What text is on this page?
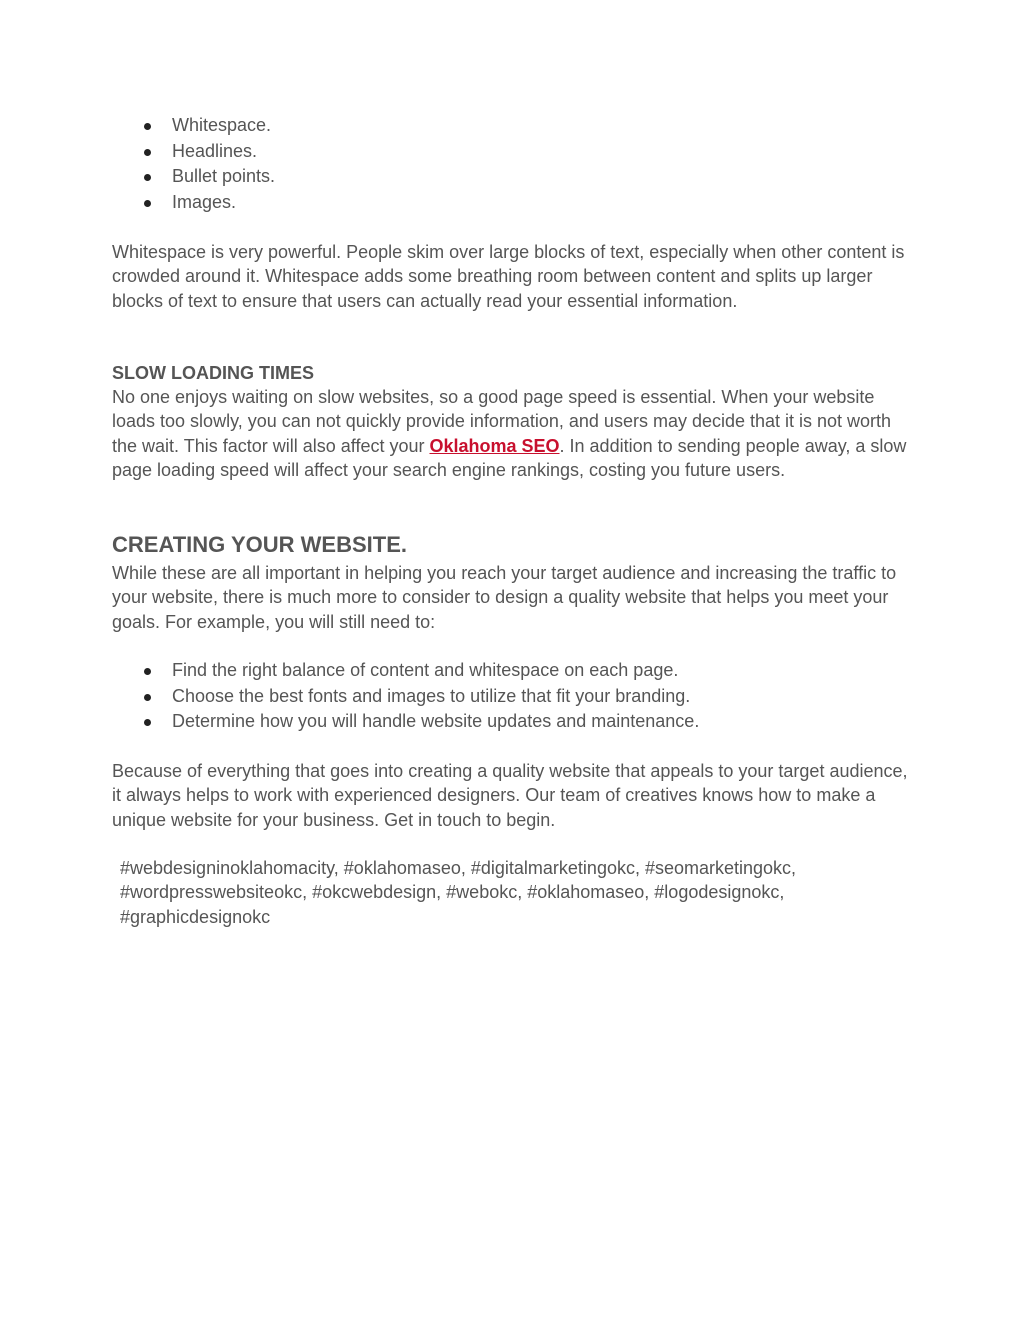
Whitespace.
Headlines.
Bullet points.
Images.

Whitespace is very powerful. People skim over large blocks of text, especially when other content is crowded around it. Whitespace adds some breathing room between content and splits up larger blocks of text to ensure that users can actually read your essential information.

SLOW LOADING TIMES

No one enjoys waiting on slow websites, so a good page speed is essential. When your website loads too slowly, you can not quickly provide information, and users may decide that it is not worth the wait. This factor will also affect your Oklahoma SEO. In addition to sending people away, a slow page loading speed will affect your search engine rankings, costing you future users.

CREATING YOUR WEBSITE.

While these are all important in helping you reach your target audience and increasing the traffic to your website, there is much more to consider to design a quality website that helps you meet your goals. For example, you will still need to:

Find the right balance of content and whitespace on each page.
Choose the best fonts and images to utilize that fit your branding.
Determine how you will handle website updates and maintenance.

Because of everything that goes into creating a quality website that appeals to your target audience, it always helps to work with experienced designers. Our team of creatives knows how to make a unique website for your business. Get in touch to begin.

#webdesigninoklahomacity, #oklahomaseo, #digitalmarketingokc, #seomarketingokc, #wordpresswebsiteokc, #okcwebdesign, #webokc, #oklahomaseo, #logodesignokc, #graphicdesignokc
